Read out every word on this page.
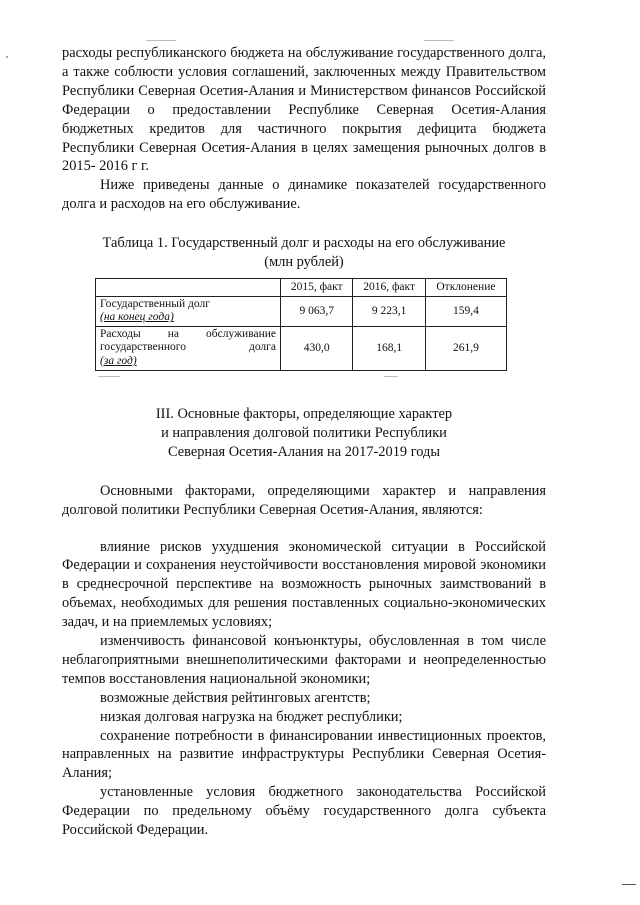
расходы республиканского бюджета на обслуживание государственного долга, а также соблюсти условия соглашений, заключенных между Правительством Республики Северная Осетия-Алания и Министерством финансов Российской Федерации о предоставлении Республике Северная Осетия-Алания бюджетных кредитов для частичного покрытия дефицита бюджета Республики Северная Осетия-Алания в целях замещения рыночных долгов в 2015- 2016 г г.

Ниже приведены данные о динамике показателей государственного долга и расходов на его обслуживание.

Таблица 1. Государственный долг и расходы на его обслуживание

(млн рублей)

	2015, факт	2016, факт	Отклонение

Государственный долг
(на конец года)	9 063,7	9 223,1	159,4

Расходы на обслуживание
государственного долга
(за год)	430,0	168,1	261,9

III. Основные факторы, определяющие характер

и направления долговой политики Республики

Северная Осетия-Алания на 2017-2019 годы

Основными факторами, определяющими характер и направления долговой политики Республики Северная Осетия-Алания, являются:

влияние рисков ухудшения экономической ситуации в Российской Федерации и сохранения неустойчивости восстановления мировой экономики в среднесрочной перспективе на возможность рыночных заимствований в объемах, необходимых для решения поставленных социально-экономических задач, и на приемлемых условиях;

изменчивость финансовой конъюнктуры, обусловленная в том числе неблагоприятными внешнеполитическими факторами и неопределенностью темпов восстановления национальной экономики;

возможные действия рейтинговых агентств;

низкая долговая нагрузка на бюджет республики;

сохранение потребности в финансировании инвестиционных проектов, направленных на развитие инфраструктуры Республики Северная Осетия-Алания;

установленные условия бюджетного законодательства Российской Федерации по предельному объёму государственного долга субъекта Российской Федерации.
